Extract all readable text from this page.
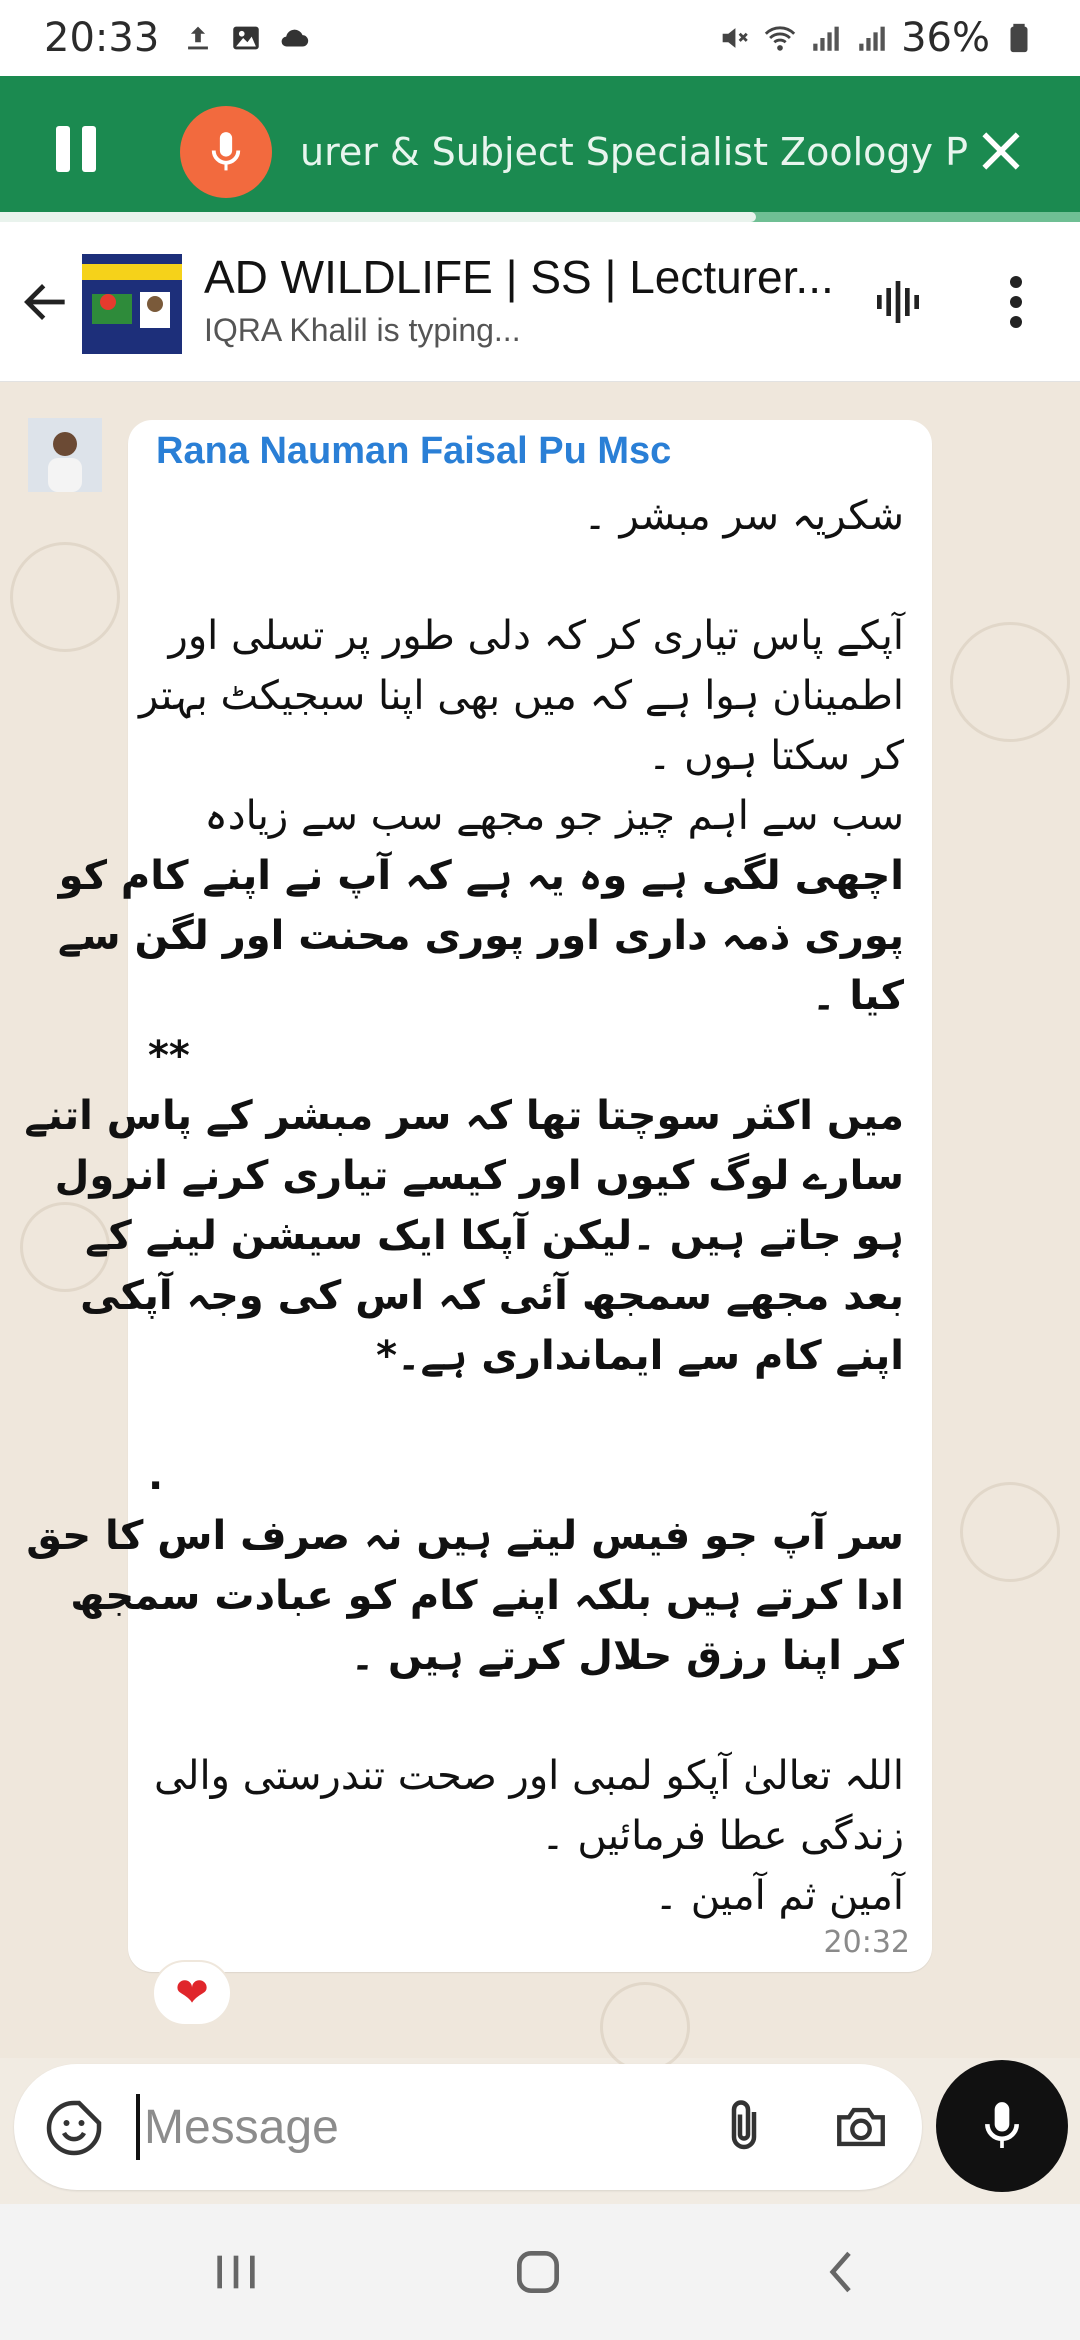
20:33	36%
urer & Subject Specialist Zoology P
AD WILDLIFE | SS | Lecturer...
IQRA Khalil is typing...
Rana Nauman Faisal Pu Msc
شکریہ سر مبشر ۔
آپکے پاس تیاری کر کہ دلی طور پر تسلی اور
اطمینان ہوا ہے کہ میں بھی اپنا سبجیکٹ بہتر
کر سکتا ہوں ۔
سب سے اہم چیز جو مجھے سب سے زیادہ
اچھی لگی ہے وہ یہ ہے کہ آپ نے اپنے کام کو
پوری ذمہ داری اور پوری محنت اور لگن سے
کیا ۔
**
میں اکثر سوچتا تھا کہ سر مبشر کے پاس اتنے
سارے لوگ کیوں اور کیسے تیاری کرنے انرول
ہو جاتے ہیں ۔لیکن آپکا ایک سیشن لینے کے
بعد مجھے سمجھ آئی کہ اس کی وجہ آپکی
اپنے کام سے ایمانداری ہے۔*
.
سر آپ جو فیس لیتے ہیں نہ صرف اس کا حق
ادا کرتے ہیں بلکہ اپنے کام کو عبادت سمجھ
کر اپنا رزق حلال کرتے ہیں ۔
اللہ تعالیٰ آپکو لمبی اور صحت تندرستی والی
زندگی عطا فرمائیں ۔
آمین ثم آمین ۔
20:32
❤
Message
